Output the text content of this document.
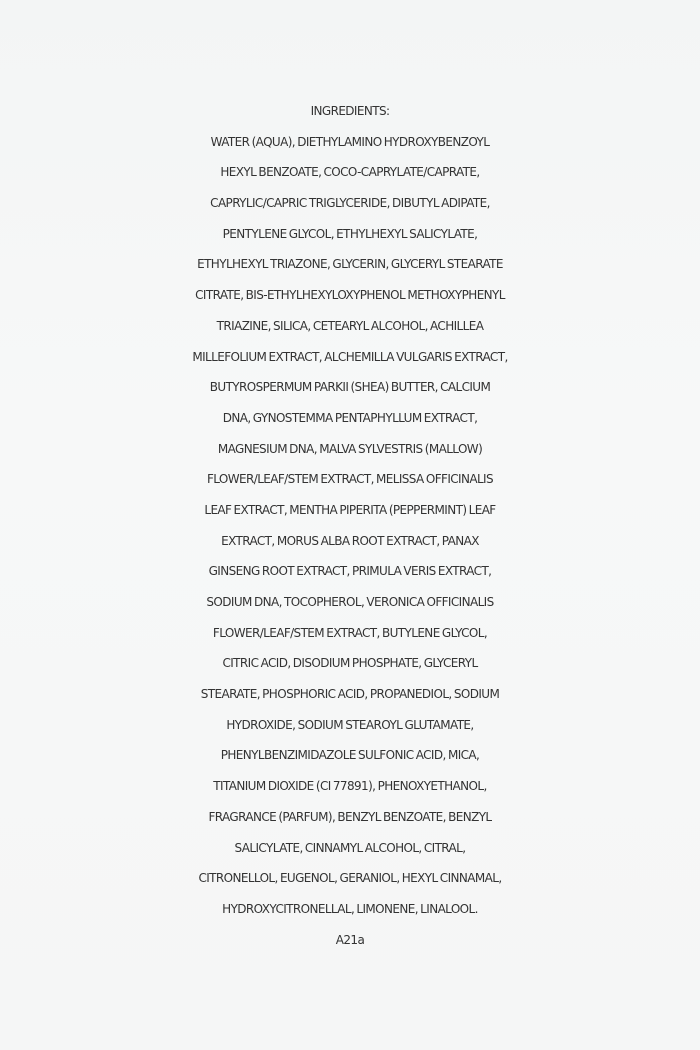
INGREDIENTS:
WATER (AQUA), DIETHYLAMINO HYDROXYBENZOYL
HEXYL BENZOATE, COCO-CAPRYLATE/CAPRATE,
CAPRYLIC/CAPRIC TRIGLYCERIDE, DIBUTYL ADIPATE,
PENTYLENE GLYCOL, ETHYLHEXYL SALICYLATE,
ETHYLHEXYL TRIAZONE, GLYCERIN, GLYCERYL STEARATE
CITRATE, BIS-ETHYLHEXYLOXYPHENOL METHOXYPHENYL
TRIAZINE, SILICA, CETEARYL ALCOHOL, ACHILLEA
MILLEFOLIUM EXTRACT, ALCHEMILLA VULGARIS EXTRACT,
BUTYROSPERMUM PARKII (SHEA) BUTTER, CALCIUM
DNA, GYNOSTEMMA PENTAPHYLLUM EXTRACT,
MAGNESIUM DNA, MALVA SYLVESTRIS (MALLOW)
FLOWER/LEAF/STEM EXTRACT, MELISSA OFFICINALIS
LEAF EXTRACT, MENTHA PIPERITA (PEPPERMINT) LEAF
EXTRACT, MORUS ALBA ROOT EXTRACT, PANAX
GINSENG ROOT EXTRACT, PRIMULA VERIS EXTRACT,
SODIUM DNA, TOCOPHEROL, VERONICA OFFICINALIS
FLOWER/LEAF/STEM EXTRACT, BUTYLENE GLYCOL,
CITRIC ACID, DISODIUM PHOSPHATE, GLYCERYL
STEARATE, PHOSPHORIC ACID, PROPANEDIOL, SODIUM
HYDROXIDE, SODIUM STEAROYL GLUTAMATE,
PHENYLBENZIMIDAZOLE SULFONIC ACID, MICA,
TITANIUM DIOXIDE (CI 77891), PHENOXYETHANOL,
FRAGRANCE (PARFUM), BENZYL BENZOATE, BENZYL
SALICYLATE, CINNAMYL ALCOHOL, CITRAL,
CITRONELLOL, EUGENOL, GERANIOL, HEXYL CINNAMAL,
HYDROXYCITRONELLAL, LIMONENE, LINALOOL.
A21a
